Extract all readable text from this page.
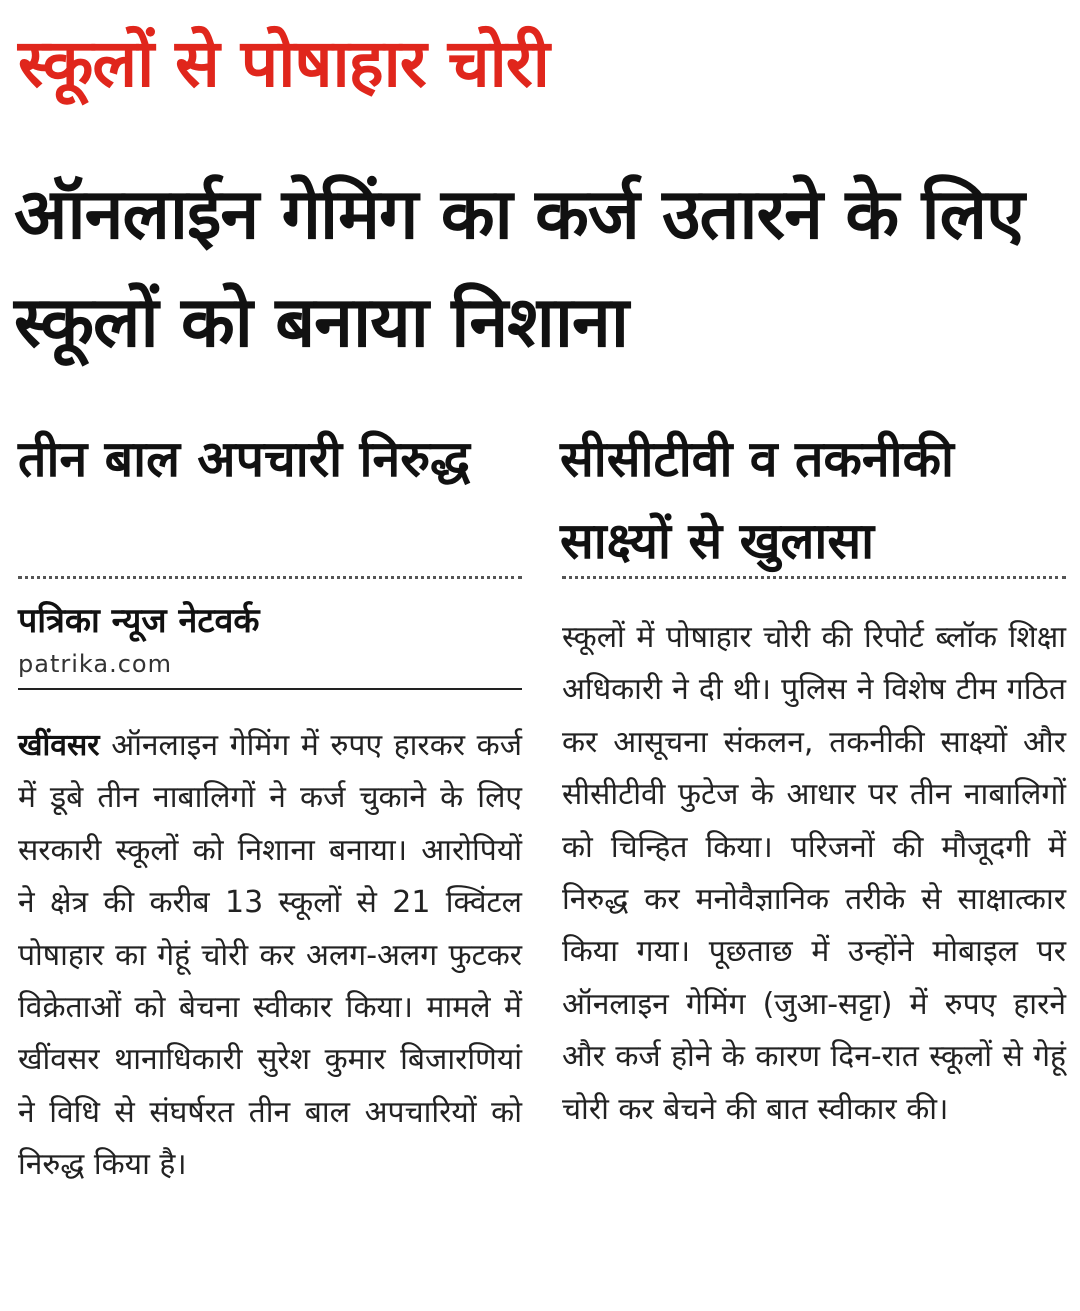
स्कूलों से पोषाहार चोरी
ऑनलाईन गेमिंग का कर्ज उतारने के लिए स्कूलों को बनाया निशाना
तीन बाल अपचारी निरुद्ध	सीसीटीवी व तकनीकी साक्ष्यों से खुलासा
पत्रिका न्यूज नेटवर्क
patrika.com
खींवसर ऑनलाइन गेमिंग में रुपए हारकर कर्ज में डूबे तीन नाबालिगों ने कर्ज चुकाने के लिए सरकारी स्कूलों को निशाना बनाया। आरोपियों ने क्षेत्र की करीब 13 स्कूलों से 21 क्विंटल पोषाहार का गेहूं चोरी कर अलग-अलग फुटकर विक्रेताओं को बेचना स्वीकार किया। मामले में खींवसर थानाधिकारी सुरेश कुमार बिजारणियां ने विधि से संघर्षरत तीन बाल अपचारियों को निरुद्ध किया है।
स्कूलों में पोषाहार चोरी की रिपोर्ट ब्लॉक शिक्षा अधिकारी ने दी थी। पुलिस ने विशेष टीम गठित कर आसूचना संकलन, तकनीकी साक्ष्यों और सीसीटीवी फुटेज के आधार पर तीन नाबालिगों को चिन्हित किया। परिजनों की मौजूदगी में निरुद्ध कर मनोवैज्ञानिक तरीके से साक्षात्कार किया गया। पूछताछ में उन्होंने मोबाइल पर ऑनलाइन गेमिंग (जुआ-सट्टा) में रुपए हारने और कर्ज होने के कारण दिन-रात स्कूलों से गेहूं चोरी कर बेचने की बात स्वीकार की।
